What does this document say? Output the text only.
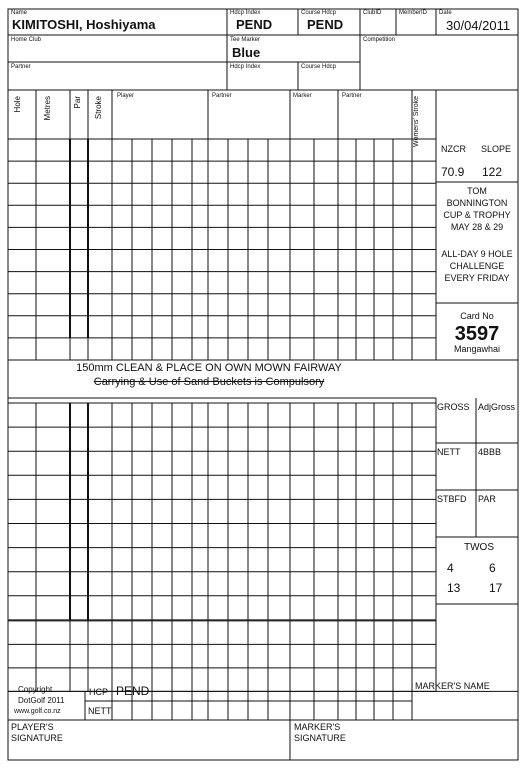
Name
KIMITOSHI, Hoshiyama
Hdcp Index
PEND
Course Hdcp
PEND
ClubID	MemberID Date
30/04/2011
Home Club	Tee Marker
Blue
Competition
Partner	Hdcp Index	Course Hdcp
Hole	Metres	Par Stroke Player	Partner	Marker	Partner	Womens' Stroke
150mm CLEAN & PLACE ON OWN MOWN FAIRWAY
Carrying & Use of Sand Buckets is Compulsory
NZCR SLOPE
70.9 122
TOM
BONNINGTON
CUP & TROPHY
MAY 28 & 29
ALL-DAY 9 HOLE
CHALLENGE
EVERY FRIDAY
Card No
3597
Mangawhai
GROSS AdjGross
NETT 4BBB
STBFD PAR
TWOS
4	6
13 17
Copyright
DotGolf 2011
www.golf.co.nz
HCP PEND
NETT
MARKER'S NAME
PLAYER'S
SIGNATURE
MARKER'S
SIGNATURE
